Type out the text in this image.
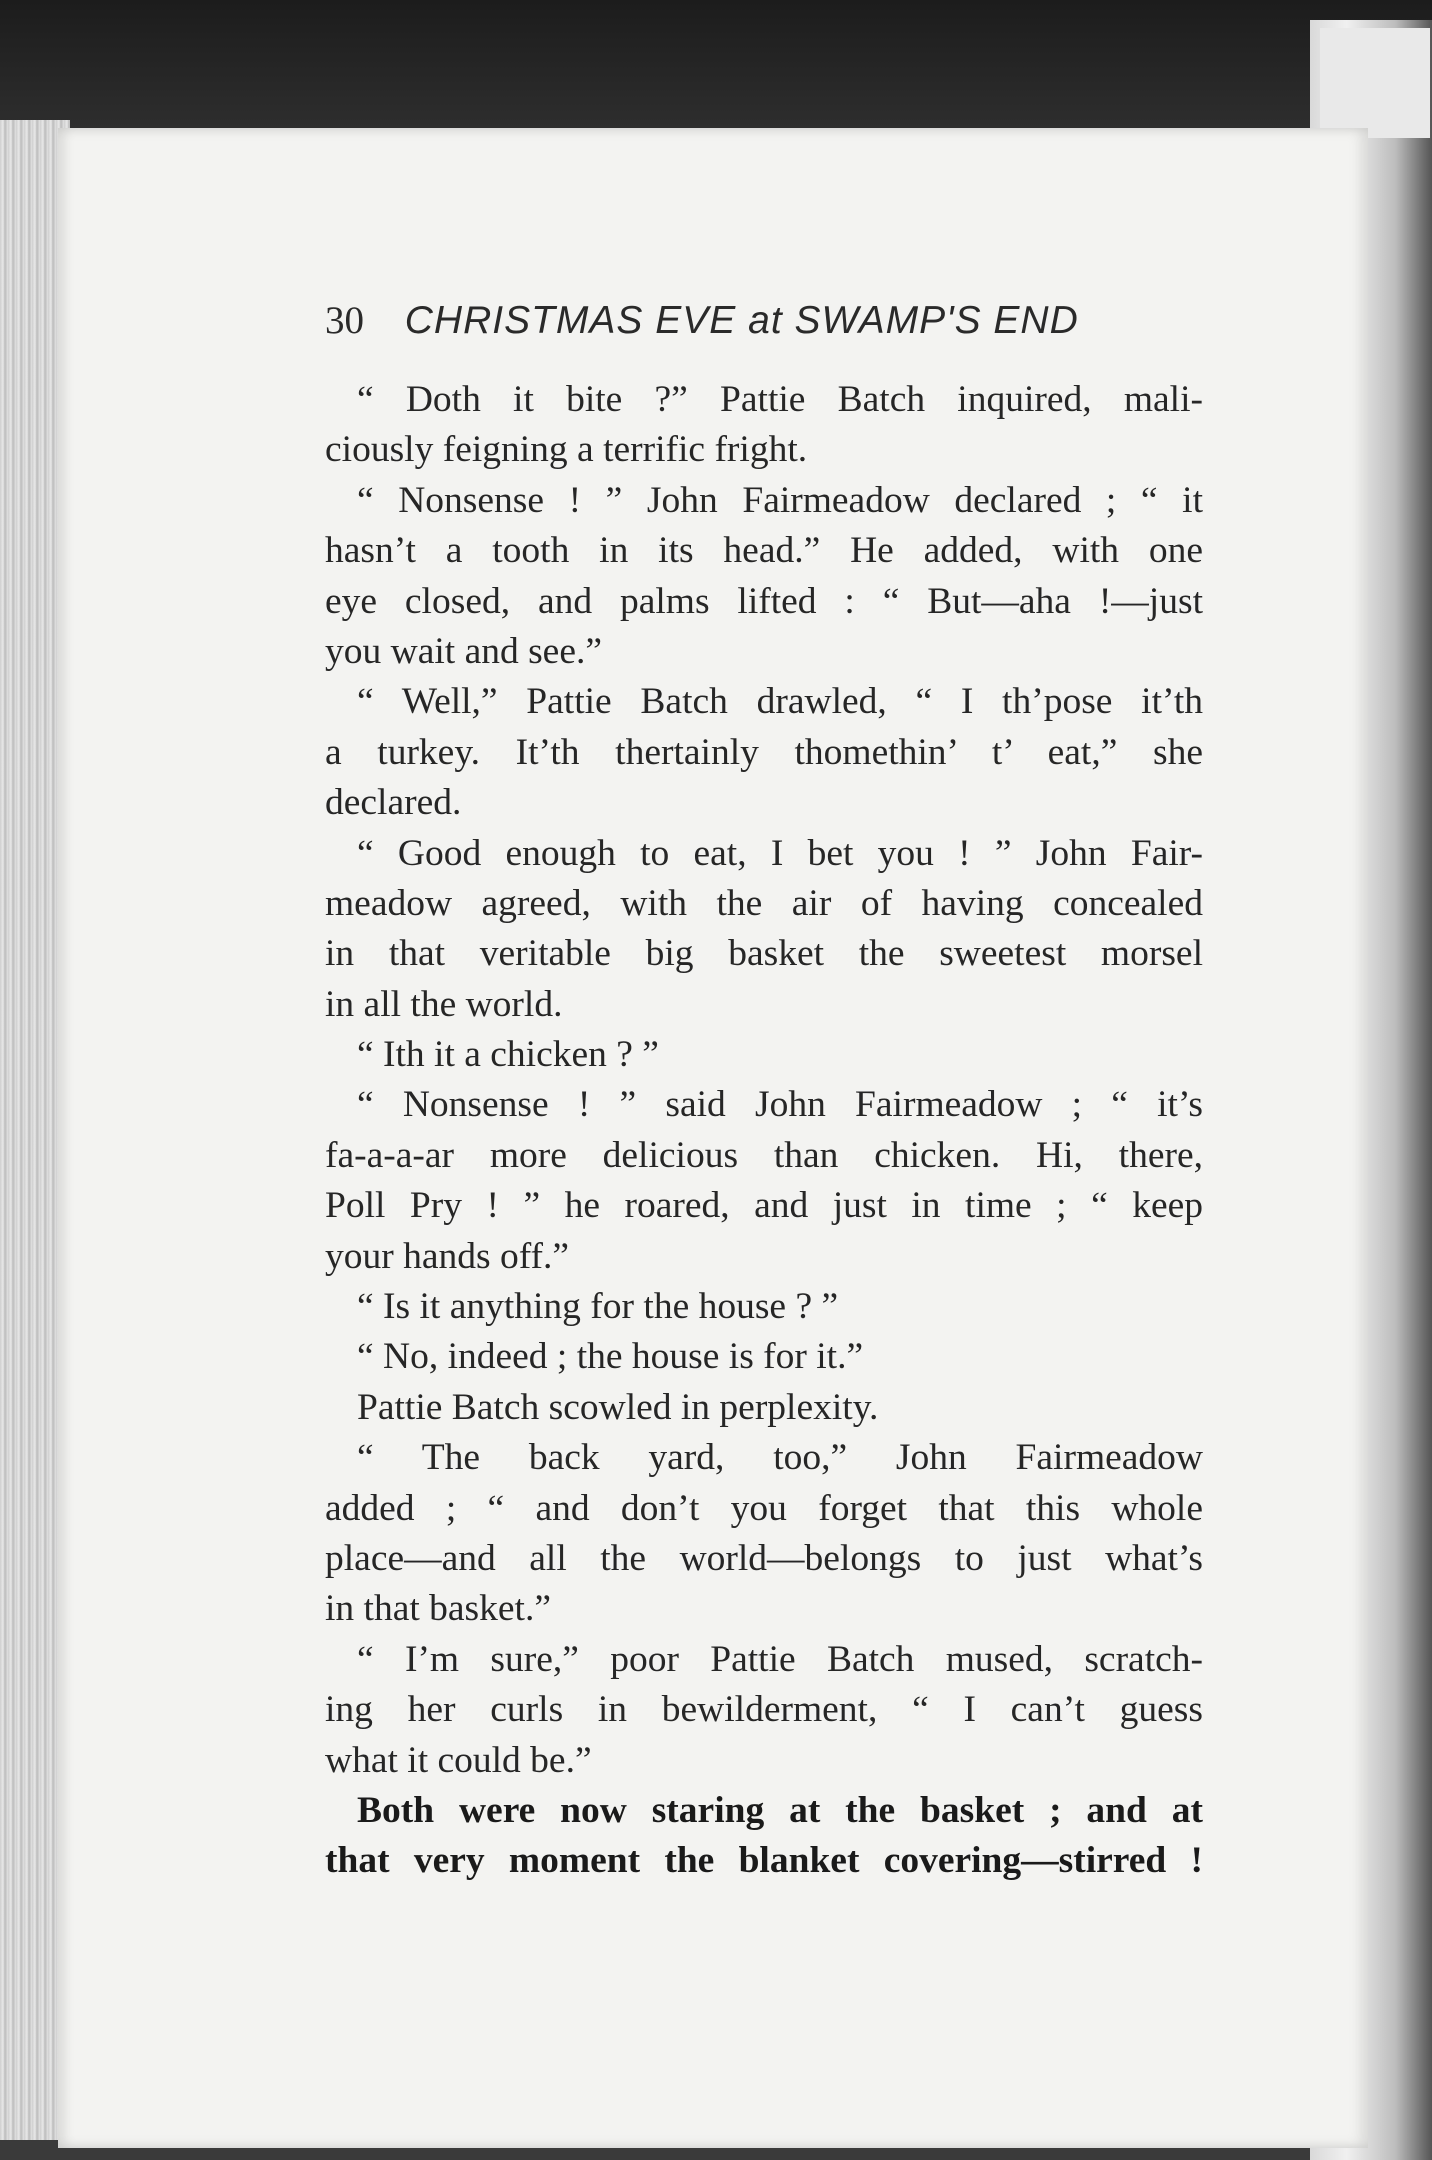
30 CHRISTMAS EVE at SWAMP'S END
“ Doth it bite ?” Pattie Batch inquired, mali-
ciously feigning a terrific fright.
“ Nonsense ! ” John Fairmeadow declared ; “ it
hasn’t a tooth in its head.” He added, with one
eye closed, and palms lifted : “ But—aha !—just
you wait and see.”
“ Well,” Pattie Batch drawled, “ I th’pose it’th
a turkey. It’th thertainly thomethin’ t’ eat,” she
declared.
“ Good enough to eat, I bet you ! ” John Fair-
meadow agreed, with the air of having concealed
in that veritable big basket the sweetest morsel
in all the world.
“ Ith it a chicken ? ”
“ Nonsense ! ” said John Fairmeadow ; “ it’s
fa-a-a-ar more delicious than chicken. Hi, there,
Poll Pry ! ” he roared, and just in time ; “ keep
your hands off.”
“ Is it anything for the house ? ”
“ No, indeed ; the house is for it.”
Pattie Batch scowled in perplexity.
“ The back yard, too,” John Fairmeadow
added ; “ and don’t you forget that this whole
place—and all the world—belongs to just what’s
in that basket.”
“ I’m sure,” poor Pattie Batch mused, scratch-
ing her curls in bewilderment, “ I can’t guess
what it could be.”
Both were now staring at the basket ; and at
that very moment the blanket covering—stirred !
